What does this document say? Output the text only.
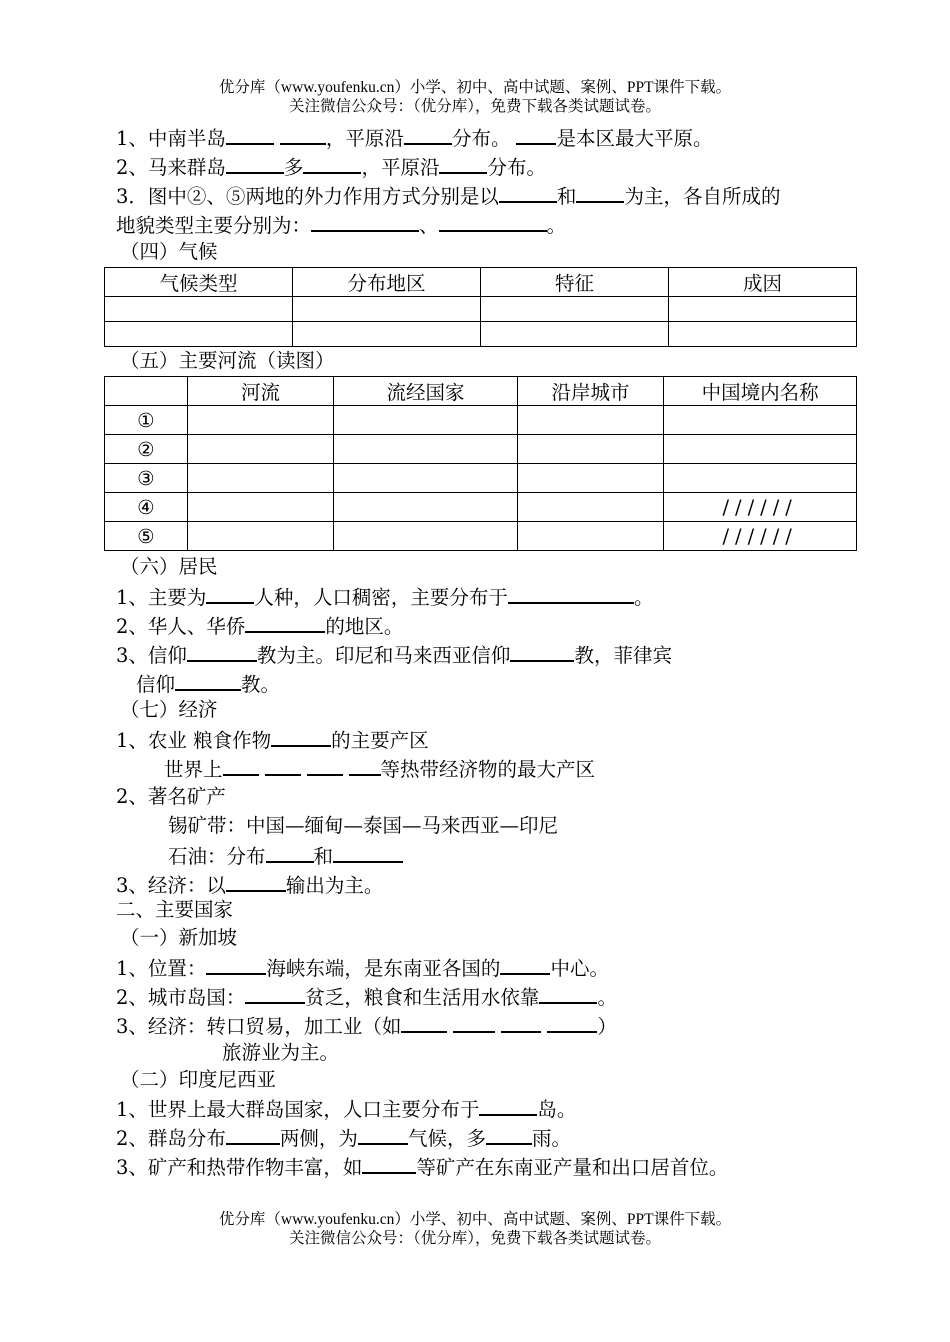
优分库（www.youfenku.cn）小学、初中、高中试题、案例、PPT课件下载。
关注微信公众号：（优分库），免费下载各类试题试卷。
1、中南半岛	，平原沿 分布。 是本区最大平原。
2、马来群岛	多	，平原沿 分布。
3．图中②、⑤两地的外力作用方式分别是以	和 为主，各自所成的
地貌类型主要分别为：	、	。
（四）气候
气候类型	分布地区	特征	成因

（五）主要河流（读图）
	河流	流经国家	沿岸城市	中国境内名称
①				
②				
③				
④				//////
⑤				//////
（六）居民
1、主要为 人种，人口稠密，主要分布于	。
2、华人、华侨	的地区。
3、信仰	教为主。印尼和马来西亚信仰	教，菲律宾
信仰	教。
（七）经济
1、农业 粮食作物	的主要产区
世界上	等热带经济物的最大产区
2、著名矿产
锡矿带：中国—缅甸—泰国—马来西亚—印尼
石油：分布 和
3、经济：以	输出为主。
二、主要国家
（一）新加坡
1、位置：	海峡东端，是东南亚各国的	中心。
2、城市岛国：	贫乏，粮食和生活用水依靠	。
3、经济：转口贸易，加工业（如	）
旅游业为主。
（二）印度尼西亚
1、世界上最大群岛国家，人口主要分布于	岛。
2、群岛分布	两侧，为	气候，多 雨。
3、矿产和热带作物丰富，如	等矿产在东南亚产量和出口居首位。
优分库（www.youfenku.cn）小学、初中、高中试题、案例、PPT课件下载。
关注微信公众号：（优分库），免费下载各类试题试卷。
